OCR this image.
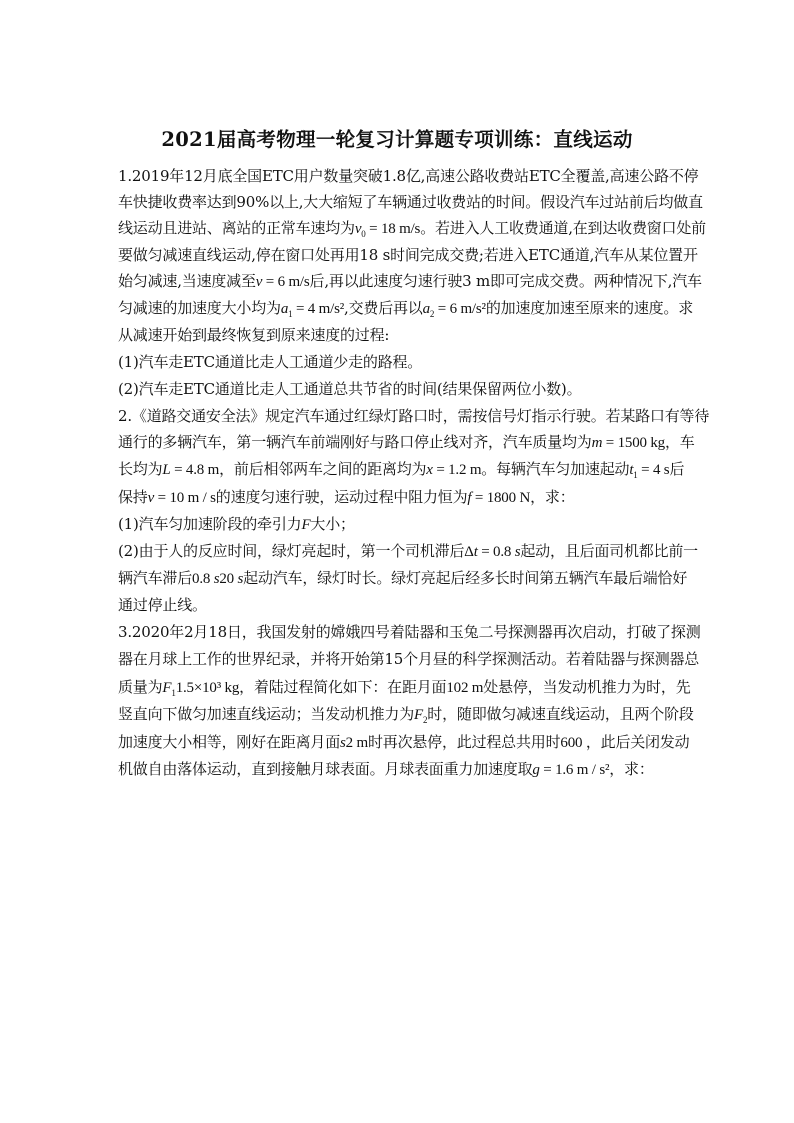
2021届高考物理一轮复习计算题专项训练：直线运动
1.2019年12月底全国ETC用户数量突破1.8亿,高速公路收费站ETC全覆盖,高速公路不停
车快捷收费率达到90%以上,大大缩短了车辆通过收费站的时间。假设汽车过站前后均做直
线运动且进站、离站的正常车速均为$v_0 = 18$ m/s。若进入人工收费通道,在到达收费窗口处前
要做匀减速直线运动,停在窗口处再用18 s时间完成交费;若进入ETC通道,汽车从某位置开
始匀减速,当速度减至v = 6 m/s后,再以此速度匀速行驶3 m即可完成交费。两种情况下,汽车
匀减速的加速度大小均为$a_1 = 4$ m/s²,交费后再以$a_2 = 6$ m/s²的加速度加速至原来的速度。求
从减速开始到最终恢复到原来速度的过程:
(1)汽车走ETC通道比走人工通道少走的路程。
(2)汽车走ETC通道比走人工通道总共节省的时间(结果保留两位小数)。
2.《道路交通安全法》规定汽车通过红绿灯路口时，需按信号灯指示行驶。若某路口有等待
通行的多辆汽车，第一辆汽车前端刚好与路口停止线对齐，汽车质量均为m = 1500 kg，车
长均为L = 4.8 m，前后相邻两车之间的距离均为x = 1.2 m。每辆汽车匀加速起动$t_1 = 4$ s后
保持v = 10 m / s的速度匀速行驶，运动过程中阻力恒为f = 1800 N，求：
(1)汽车匀加速阶段的牵引力F大小；
(2)由于人的反应时间，绿灯亮起时，第一个司机滞后Δt = 0.8 s起动，且后面司机都比前一
辆汽车滞后0.8 s20 s起动汽车，绿灯时长。绿灯亮起后经多长时间第五辆汽车最后端恰好
通过停止线。
3.2020年2月18日，我国发射的嫦娥四号着陆器和玉兔二号探测器再次启动，打破了探测
器在月球上工作的世界纪录，并将开始第15个月昼的科学探测活动。若着陆器与探测器总
质量为$F_11.5\times 10^3$ kg，着陆过程简化如下：在距月面102 m处悬停，当发动机推力为时，先
竖直向下做匀加速直线运动；当发动机推力为$F_2$时，随即做匀减速直线运动，且两个阶段
加速度大小相等，刚好在距离月面s2 m时再次悬停，此过程总共用时600 ，此后关闭发动
机做自由落体运动，直到接触月球表面。月球表面重力加速度取g = 1.6 m / s²，求：
